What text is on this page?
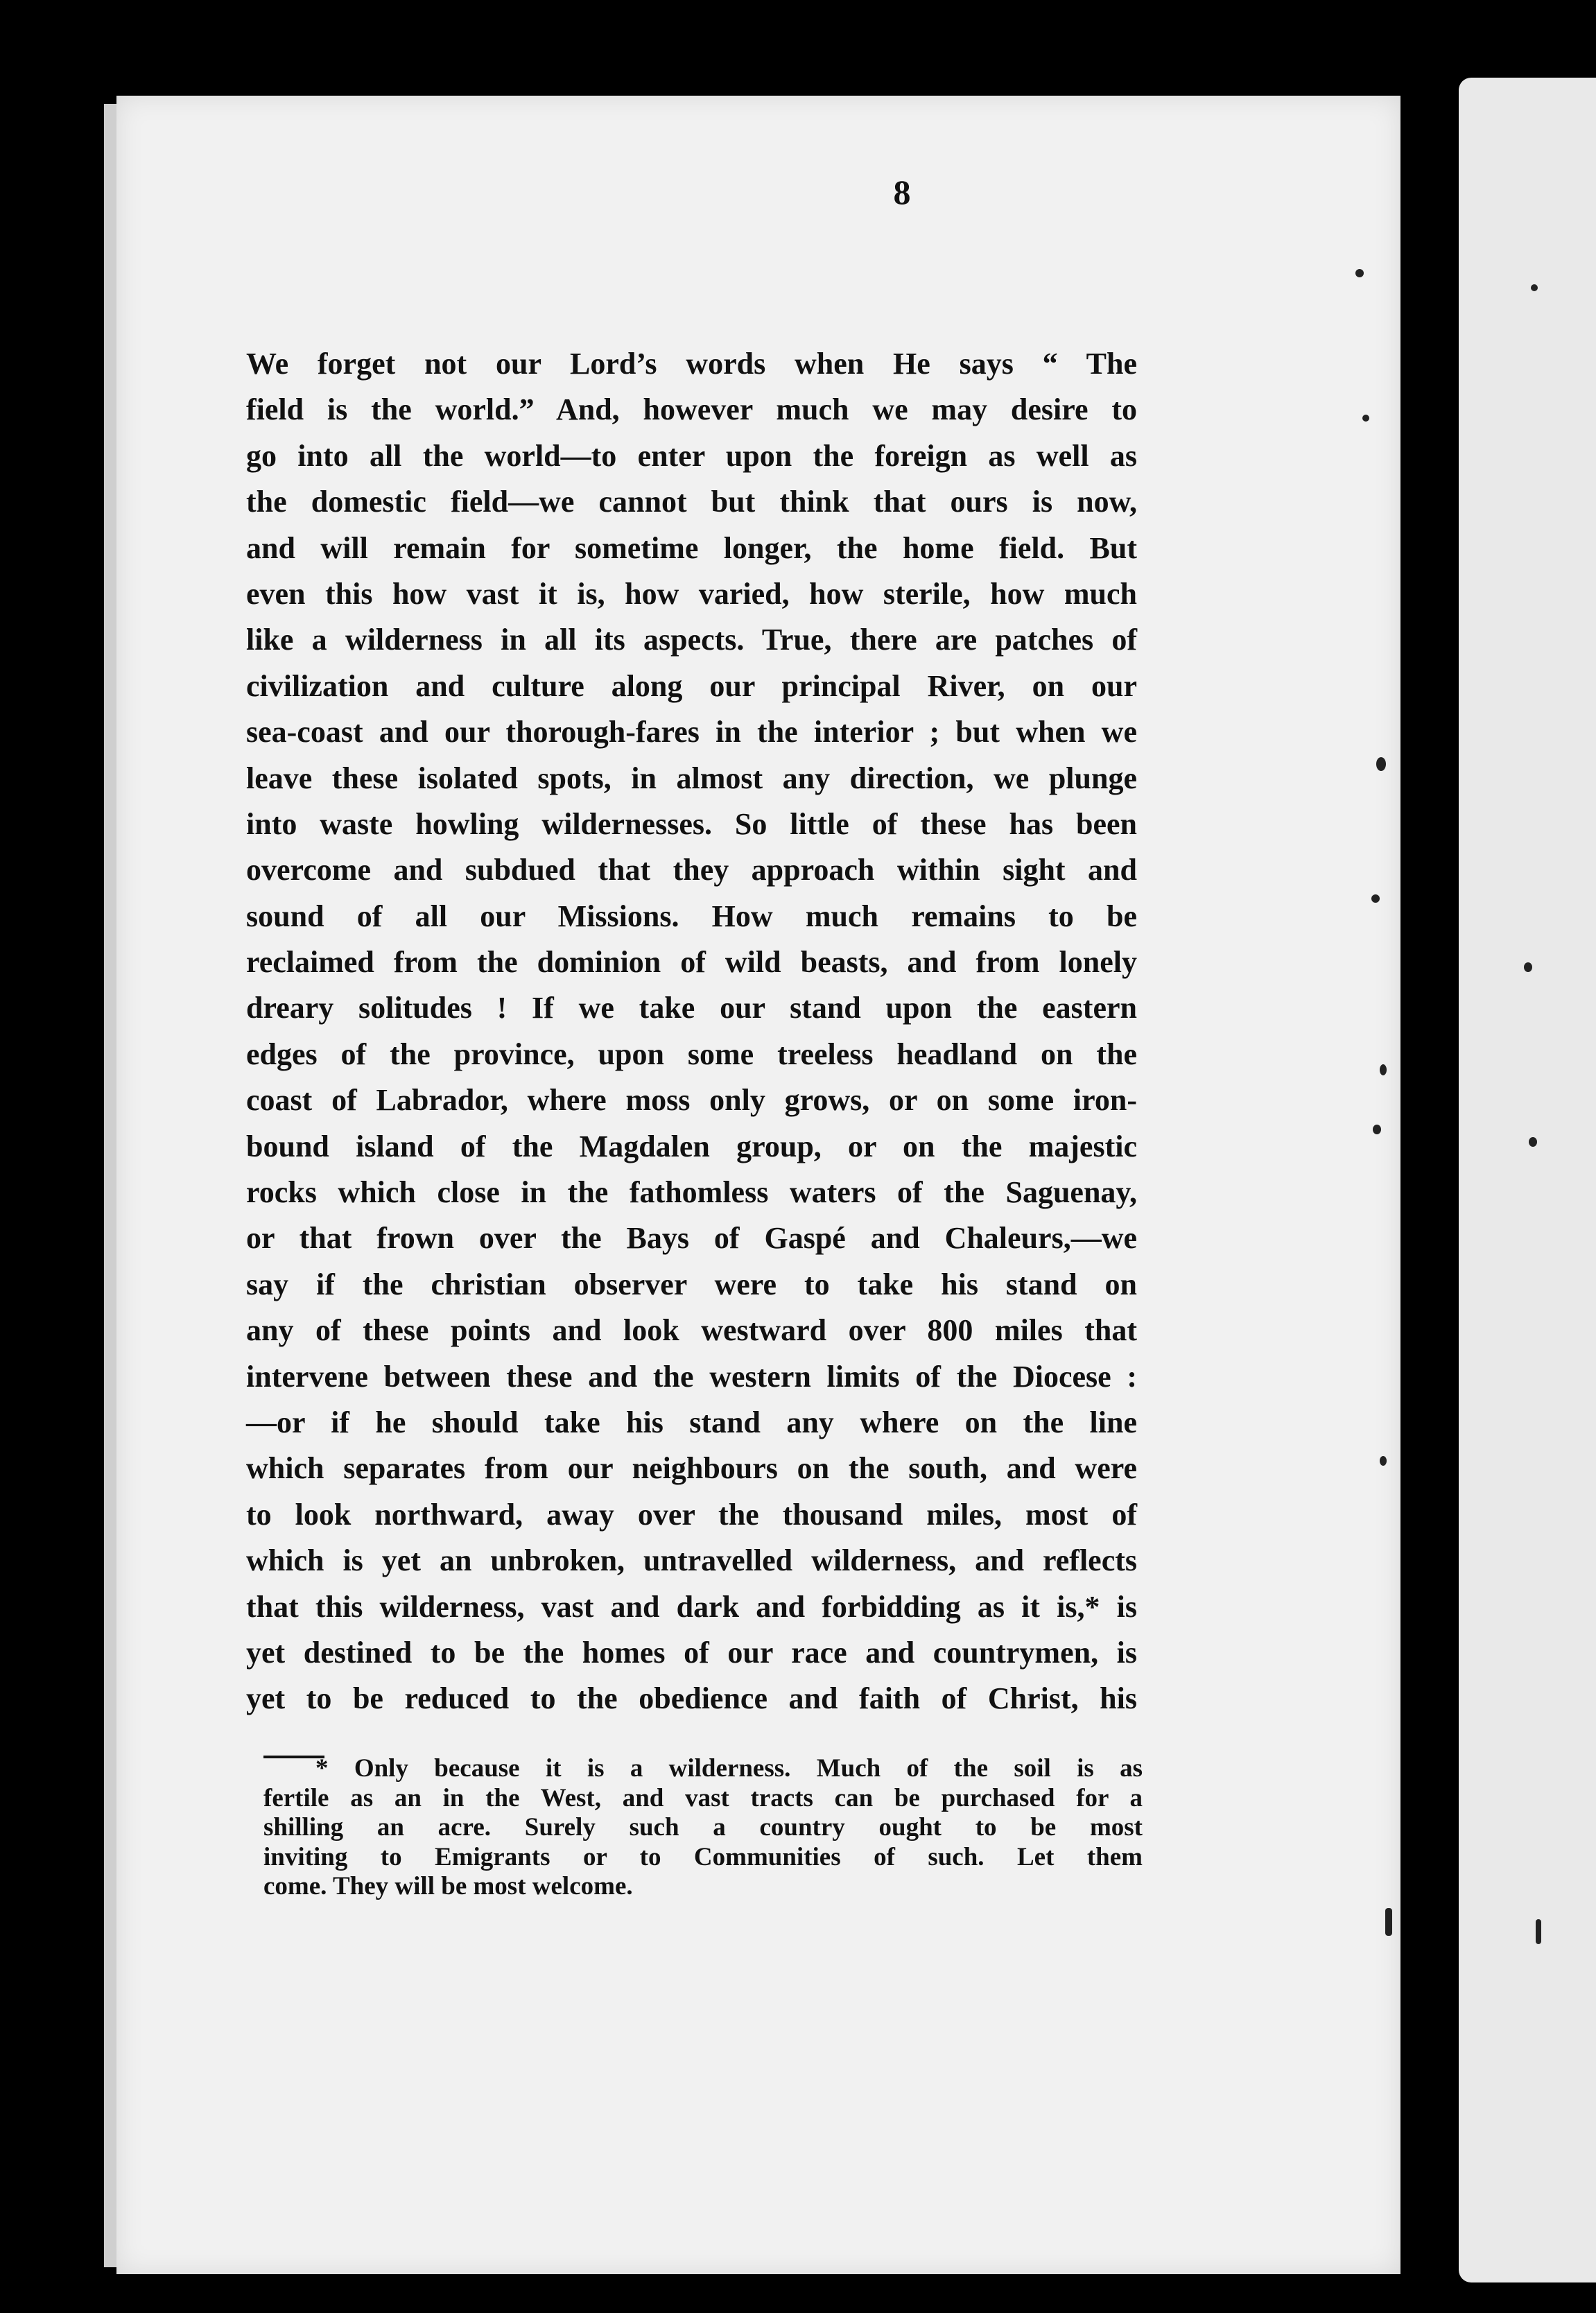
8
We forget not our Lord’s words when He says “ The
field is the world.” And, however much we may desire to
go into all the world—to enter upon the foreign as well as
the domestic field—we cannot but think that ours is now,
and will remain for sometime longer, the home field. But
even this how vast it is, how varied, how sterile, how much
like a wilderness in all its aspects. True, there are patches of
civilization and culture along our principal River, on our
sea-coast and our thorough-fares in the interior ; but when we
leave these isolated spots, in almost any direction, we plunge
into waste howling wildernesses. So little of these has been
overcome and subdued that they approach within sight and
sound of all our Missions. How much remains to be
reclaimed from the dominion of wild beasts, and from lonely
dreary solitudes ! If we take our stand upon the eastern
edges of the province, upon some treeless headland on the
coast of Labrador, where moss only grows, or on some iron-
bound island of the Magdalen group, or on the majestic
rocks which close in the fathomless waters of the Saguenay,
or that frown over the Bays of Gaspé and Chaleurs,—we
say if the christian observer were to take his stand on
any of these points and look westward over 800 miles that
intervene between these and the western limits of the Diocese :
—or if he should take his stand any where on the line
which separates from our neighbours on the south, and were
to look northward, away over the thousand miles, most of
which is yet an unbroken, untravelled wilderness, and reflects
that this wilderness, vast and dark and forbidding as it is,* is
yet destined to be the homes of our race and countrymen, is
yet to be reduced to the obedience and faith of Christ, his
* Only because it is a wilderness. Much of the soil is as
fertile as an in the West, and vast tracts can be purchased for a
shilling an acre. Surely such a country ought to be most
inviting to Emigrants or to Communities of such. Let them
come. They will be most welcome.
